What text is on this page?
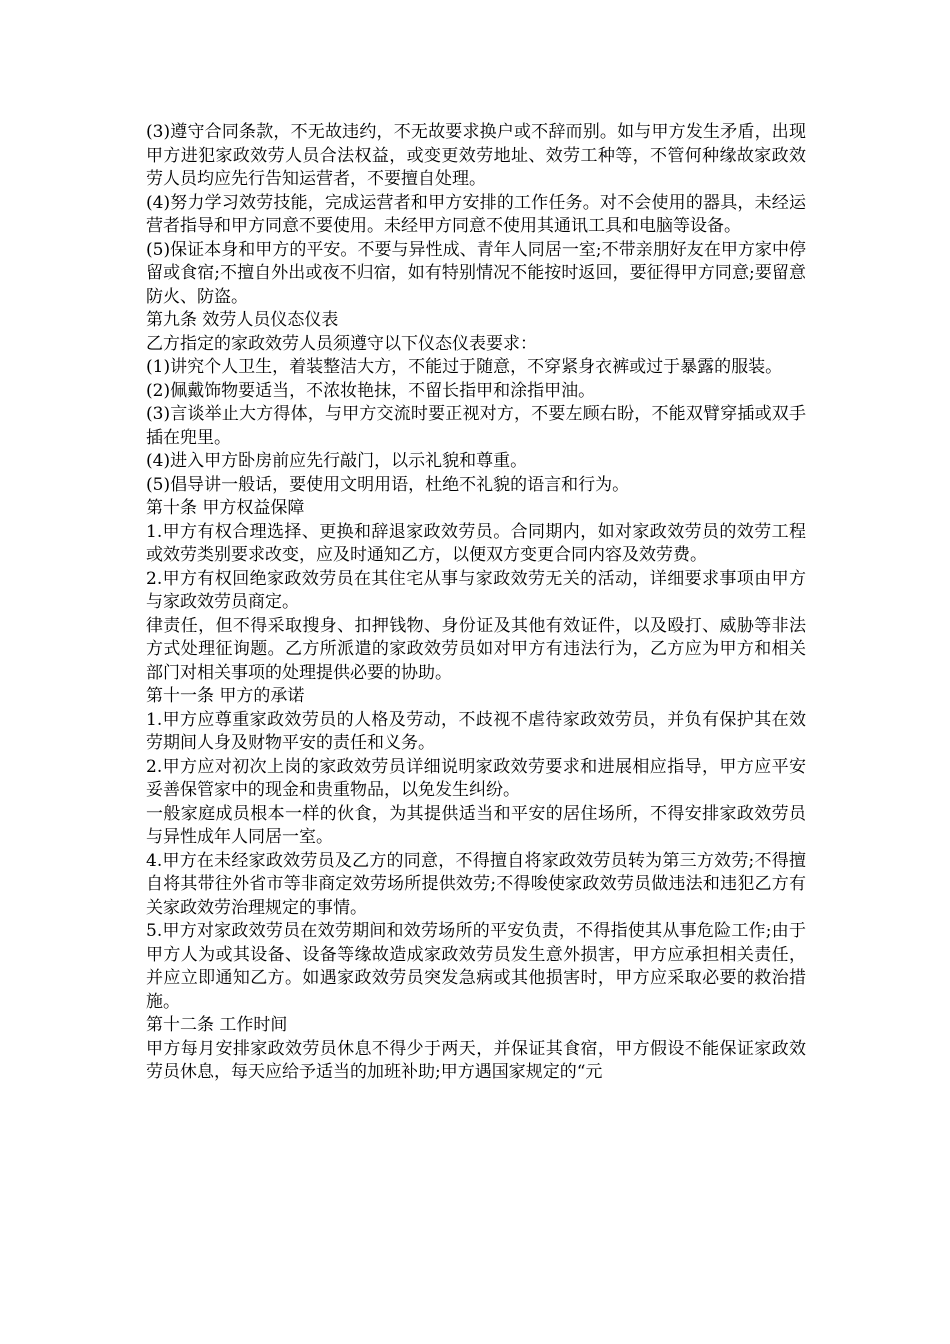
(3)遵守合同条款，不无故违约，不无故要求换户或不辞而别。如与甲方发生矛盾，出现甲方进犯家政效劳人员合法权益，或变更效劳地址、效劳工种等，不管何种缘故家政效劳人员均应先行告知运营者，不要擅自处理。

(4)努力学习效劳技能，完成运营者和甲方安排的工作任务。对不会使用的器具，未经运营者指导和甲方同意不要使用。未经甲方同意不使用其通讯工具和电脑等设备。

(5)保证本身和甲方的平安。不要与异性成、青年人同居一室;不带亲朋好友在甲方家中停留或食宿;不擅自外出或夜不归宿，如有特别情况不能按时返回，要征得甲方同意;要留意防火、防盗。

第九条 效劳人员仪态仪表

乙方指定的家政效劳人员须遵守以下仪态仪表要求：

(1)讲究个人卫生，着装整洁大方，不能过于随意，不穿紧身衣裤或过于暴露的服装。

(2)佩戴饰物要适当，不浓妆艳抹，不留长指甲和涂指甲油。

(3)言谈举止大方得体，与甲方交流时要正视对方，不要左顾右盼，不能双臂穿插或双手插在兜里。

(4)进入甲方卧房前应先行敲门，以示礼貌和尊重。

(5)倡导讲一般话，要使用文明用语，杜绝不礼貌的语言和行为。

第十条 甲方权益保障

1.甲方有权合理选择、更换和辞退家政效劳员。合同期内，如对家政效劳员的效劳工程或效劳类别要求改变，应及时通知乙方，以便双方变更合同内容及效劳费。

2.甲方有权回绝家政效劳员在其住宅从事与家政效劳无关的活动，详细要求事项由甲方与家政效劳员商定。

律责任，但不得采取搜身、扣押钱物、身份证及其他有效证件，以及殴打、威胁等非法方式处理征询题。乙方所派遣的家政效劳员如对甲方有违法行为，乙方应为甲方和相关部门对相关事项的处理提供必要的协助。

第十一条 甲方的承诺

1.甲方应尊重家政效劳员的人格及劳动，不歧视不虐待家政效劳员，并负有保护其在效劳期间人身及财物平安的责任和义务。

2.甲方应对初次上岗的家政效劳员详细说明家政效劳要求和进展相应指导，甲方应平安妥善保管家中的现金和贵重物品，以免发生纠纷。

一般家庭成员根本一样的伙食，为其提供适当和平安的居住场所，不得安排家政效劳员与异性成年人同居一室。

4.甲方在未经家政效劳员及乙方的同意，不得擅自将家政效劳员转为第三方效劳;不得擅自将其带往外省市等非商定效劳场所提供效劳;不得唆使家政效劳员做违法和违犯乙方有关家政效劳治理规定的事情。

5.甲方对家政效劳员在效劳期间和效劳场所的平安负责，不得指使其从事危险工作;由于甲方人为或其设备、设备等缘故造成家政效劳员发生意外损害，甲方应承担相关责任，并应立即通知乙方。如遇家政效劳员突发急病或其他损害时，甲方应采取必要的救治措施。

第十二条 工作时间

甲方每月安排家政效劳员休息不得少于两天，并保证其食宿，甲方假设不能保证家政效劳员休息，每天应给予适当的加班补助;甲方遇国家规定的“元
